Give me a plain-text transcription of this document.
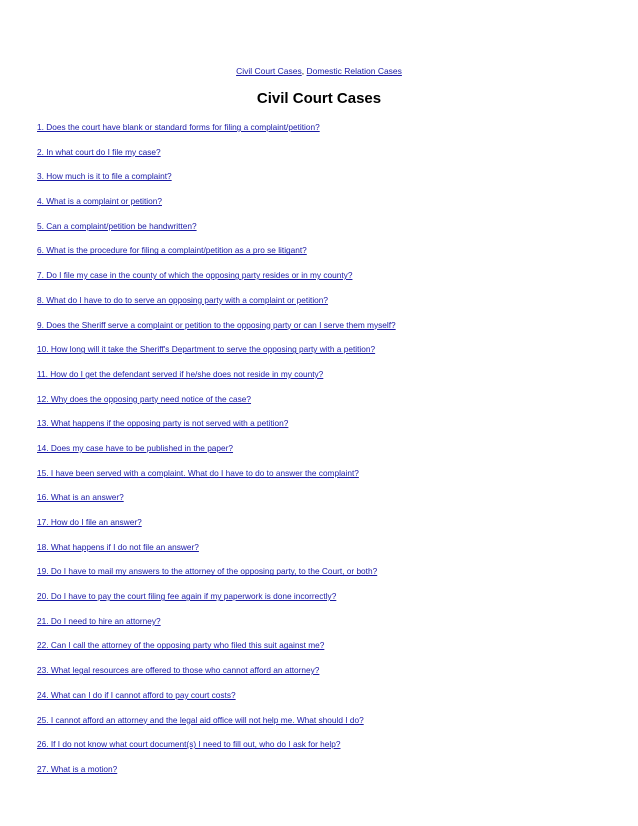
Civil Court Cases, Domestic Relation Cases
Civil Court Cases
1. Does the court have blank or standard forms for filing a complaint/petition?
2. In what court do I file my case?
3. How much is it to file a complaint?
4. What is a complaint or petition?
5. Can a complaint/petition be handwritten?
6. What is the procedure for filing a complaint/petition as a pro se litigant?
7. Do I file my case in the county of which the opposing party resides or in my county?
8. What do I have to do to serve an opposing party with a complaint or petition?
9. Does the Sheriff serve a complaint or petition to the opposing party or can I serve them myself?
10. How long will it take the Sheriff's Department to serve the opposing party with a petition?
11. How do I get the defendant served if he/she does not reside in my county?
12. Why does the opposing party need notice of the case?
13. What happens if the opposing party is not served with a petition?
14. Does my case have to be published in the paper?
15. I have been served with a complaint. What do I have to do to answer the complaint?
16. What is an answer?
17. How do I file an answer?
18. What happens if I do not file an answer?
19. Do I have to mail my answers to the attorney of the opposing party, to the Court, or both?
20. Do I have to pay the court filing fee again if my paperwork is done incorrectly?
21. Do I need to hire an attorney?
22. Can I call the attorney of the opposing party who filed this suit against me?
23. What legal resources are offered to those who cannot afford an attorney?
24. What can I do if I cannot afford to pay court costs?
25. I cannot afford an attorney and the legal aid office will not help me. What should I do?
26. If I do not know what court document(s) I need to fill out, who do I ask for help?
27. What is a motion?
